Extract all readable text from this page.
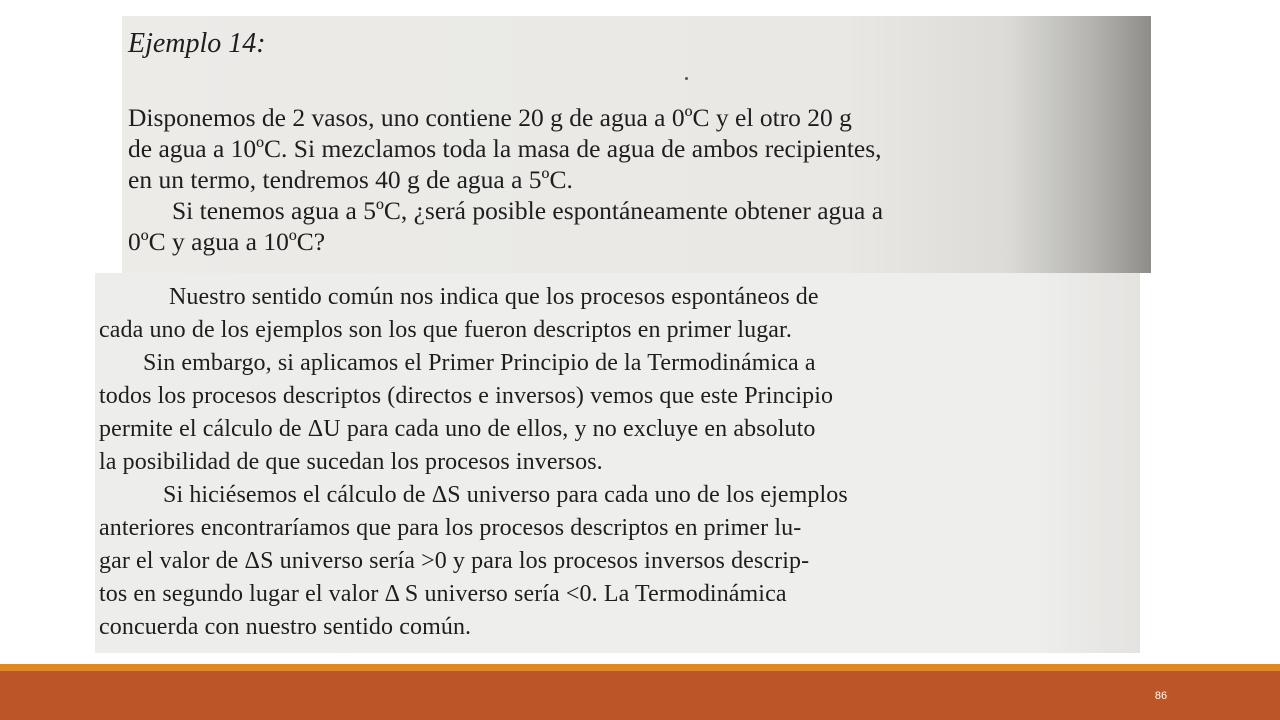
Ejemplo 14:
Disponemos de 2 vasos, uno contiene 20 g de agua a 0ºC y el otro 20 g
de agua a 10ºC. Si mezclamos toda la masa de agua de ambos recipientes,
en un termo, tendremos 40 g de agua a 5ºC.
Si tenemos agua a 5ºC, ¿será posible espontáneamente obtener agua a
0ºC y agua a 10ºC?
Nuestro sentido común nos indica que los procesos espontáneos de
cada uno de los ejemplos son los que fueron descriptos en primer lugar.
Sin embargo, si aplicamos el Primer Principio de la Termodinámica a
todos los procesos descriptos (directos e inversos) vemos que este Principio
permite el cálculo de ΔU para cada uno de ellos, y no excluye en absoluto
la posibilidad de que sucedan los procesos inversos.
Si hiciésemos el cálculo de ΔS universo para cada uno de los ejemplos
anteriores encontraríamos que para los procesos descriptos en primer lu-
gar el valor de ΔS universo sería >0 y para los procesos inversos descrip-
tos en segundo lugar el valor Δ S universo sería <0. La Termodinámica
concuerda con nuestro sentido común.
86
